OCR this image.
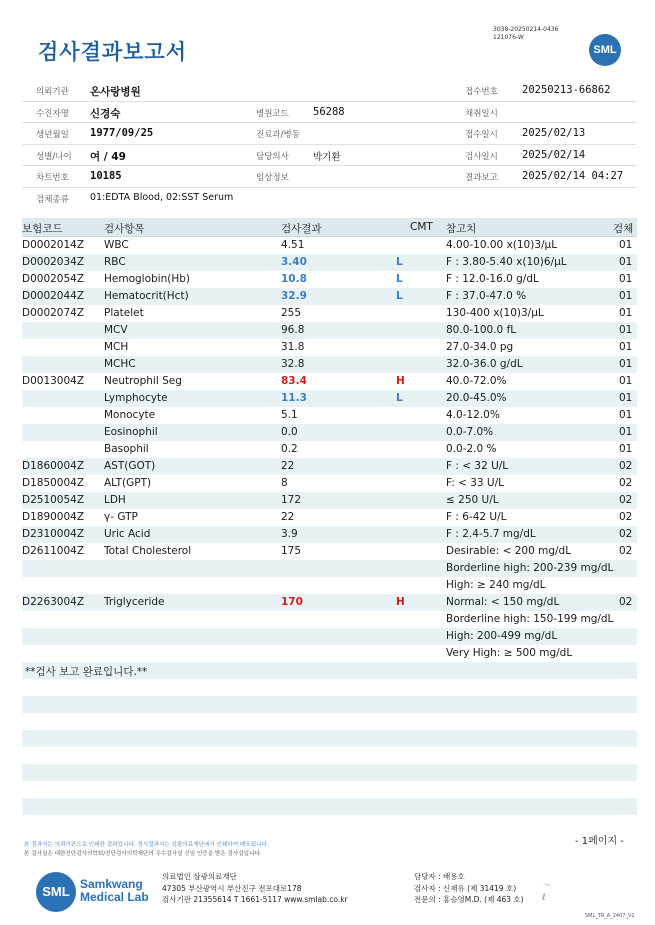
검사결과보고서
3038-20250214-0436
121076-W
SML
의뢰기관 온사랑병원	접수번호 20250213-66862
수진자명 신경숙	병원코드 56288	채취일시
생년월일 1977/09/25	진료과/병동	접수일시 2025/02/13
성별/나이 여 / 49	담당의사	박기환	검사일시 2025/02/14
차트번호 10185	임상정보	결과보고 2025/02/14 04:27
검체종류 01:EDTA Blood, 02:SST Serum
보험코드	검사항목	검사결과	CMT 참고치	검체
D0002014Z WBC	4.51	4.00-10.00 x(10)3/μL	01
D0002034Z RBC	3.40	L	F : 3.80-5.40 x(10)6/μL	01
D0002054Z Hemoglobin(Hb)	10.8	L	F : 12.0-16.0 g/dL	01
D0002044Z Hematocrit(Hct)	32.9	L	F : 37.0-47.0 %	01
D0002074Z Platelet	255	130-400 x(10)3/μL	01
MCV	96.8	80.0-100.0 fL	01
MCH	31.8	27.0-34.0 pg	01
MCHC	32.8	32.0-36.0 g/dL	01
D0013004Z Neutrophil Seg	83.4	H	40.0-72.0%	01
Lymphocyte	11.3	L	20.0-45.0%	01
Monocyte	5.1	4.0-12.0%	01
Eosinophil	0.0	0.0-7.0%	01
Basophil	0.2	0.0-2.0 %	01
D1860004Z AST(GOT)	22	F : < 32 U/L	02
D1850004Z ALT(GPT)	8	F: < 33 U/L	02
D2510054Z LDH	172	≤ 250 U/L	02
D1890004Z γ- GTP	22	F : 6-42 U/L	02
D2310004Z Uric Acid	3.9	F : 2.4-5.7 mg/dL	02
D2611004Z Total Cholesterol	175	Desirable: < 200 mg/dL	02
Borderline high: 200-239 mg/dL
High: ≥ 240 mg/dL
D2263004Z Triglyceride	170	H	Normal: < 150 mg/dL	02
Borderline high: 150-199 mg/dL
High: 200-499 mg/dL
Very High: ≥ 500 mg/dL
**검사 보고 완료입니다.**
- 1페이지 -
본 결과지는 의뢰기관으로 인쇄한 결과입니다. 정식결과지는 삼광의료재단에서 인쇄하여 배포됩니다.
본 검사실은 대한진단검사의학회/진단검사의학재단의 우수검사실 신임 인증을 받은 검사실입니다.
SML Samkwang
Medical Lab
의료법인 삼광의료재단
47305 부산광역시 부산진구 전포대로178
검사기관 21355614 T 1661-5117 www.smlab.co.kr
담당자 : 배용호
검사자 : 신재유 (제 31419 호)
전문의 : 홍승영M.D. (제 463 호)
〜ℓ︎
SML_TR_A_2407_V1
